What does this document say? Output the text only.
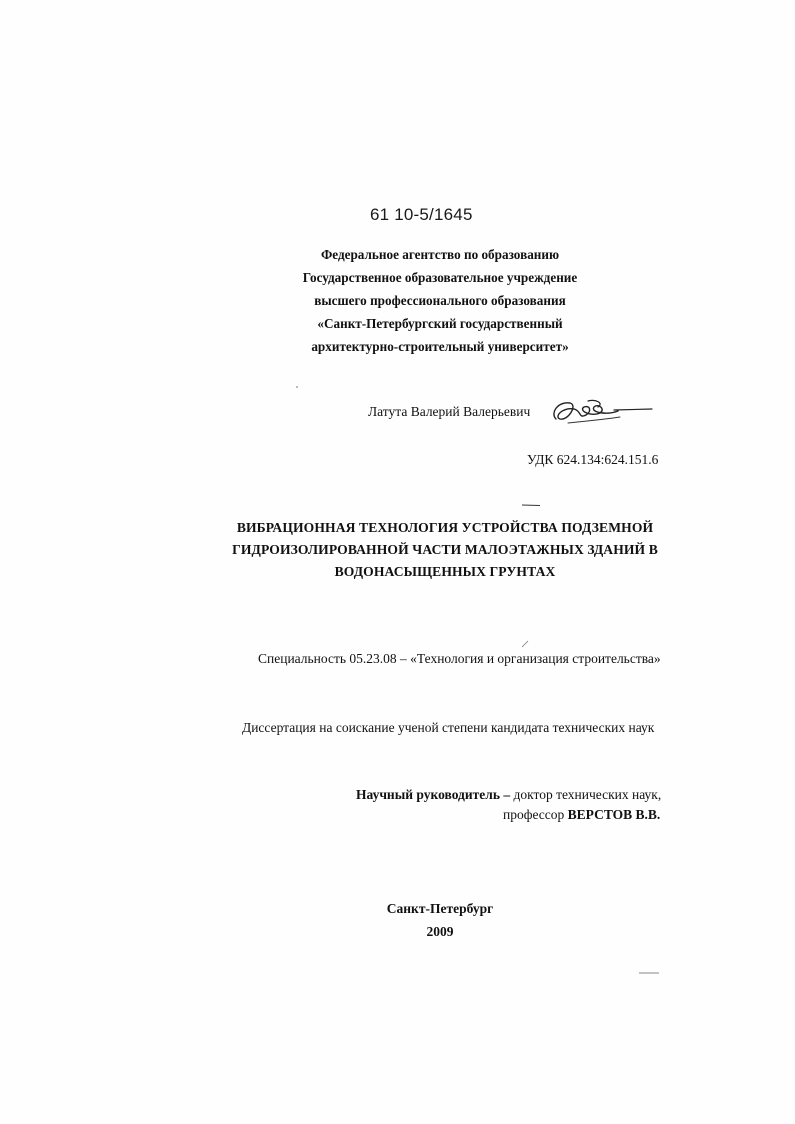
61 10-5/1645
Федеральное агентство по образованию
Государственное образовательное учреждение
высшего профессионального образования
«Санкт-Петербургский государственный
архитектурно-строительный университет»
Латута Валерий Валерьевич
УДК 624.134:624.151.6
ВИБРАЦИОННАЯ ТЕХНОЛОГИЯ УСТРОЙСТВА ПОДЗЕМНОЙ
ГИДРОИЗОЛИРОВАННОЙ ЧАСТИ МАЛОЭТАЖНЫХ ЗДАНИЙ В
ВОДОНАСЫЩЕННЫХ ГРУНТАХ
Специальность 05.23.08 – «Технология и организация строительства»
Диссертация на соискание ученой степени кандидата технических наук
Научный руководитель – доктор технических наук,
профессор ВЕРСТОВ В.В.
Санкт-Петербург
2009
